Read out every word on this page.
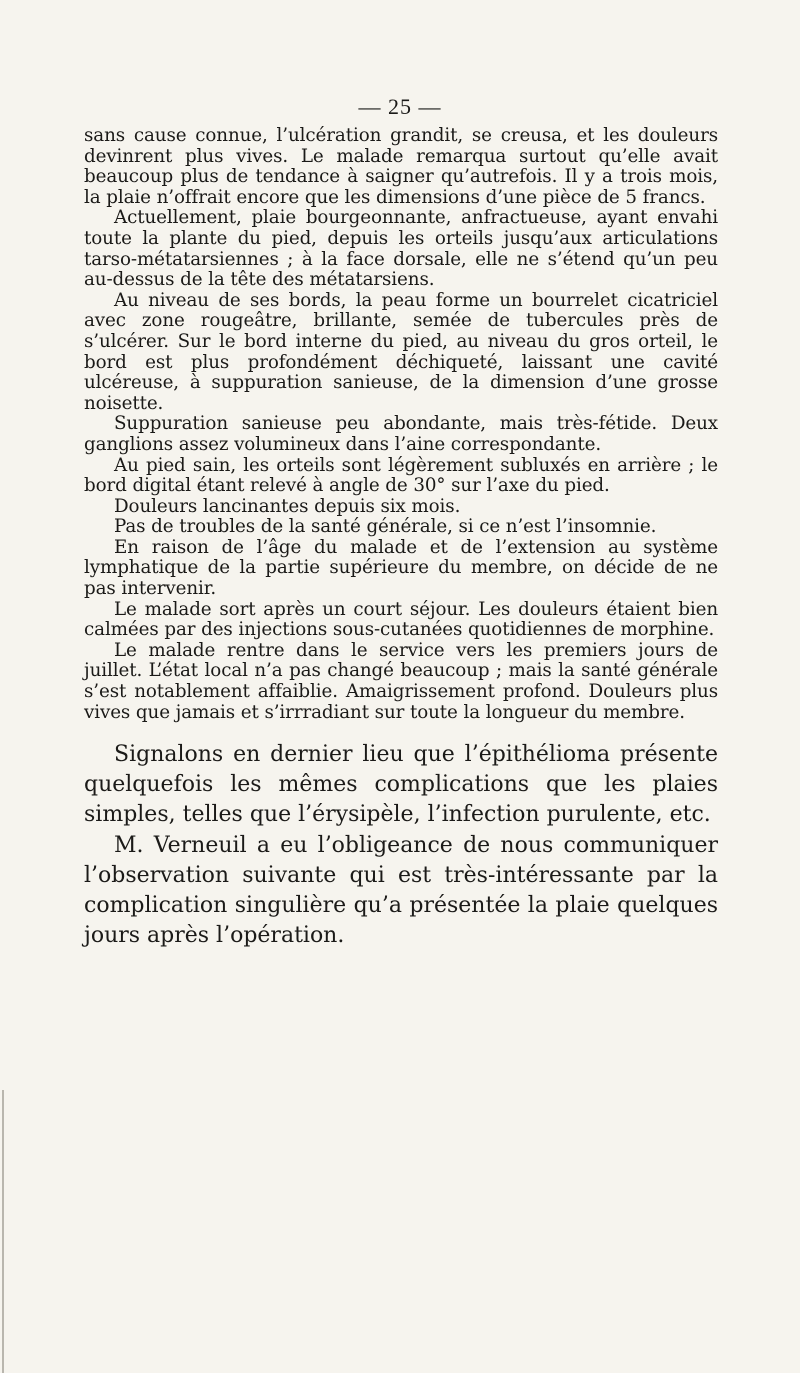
— 25 —

sans cause connue, l’ulcération grandit, se creusa, et les douleurs devinrent plus vives. Le malade remarqua surtout qu’elle avait beaucoup plus de tendance à saigner qu’autrefois. Il y a trois mois, la plaie n’offrait encore que les dimensions d’une pièce de 5 francs.

Actuellement, plaie bourgeonnante, anfractueuse, ayant envahi toute la plante du pied, depuis les orteils jusqu’aux articulations tarso-métatarsiennes ; à la face dorsale, elle ne s’étend qu’un peu au-dessus de la tête des métatarsiens.

Au niveau de ses bords, la peau forme un bourrelet cicatriciel avec zone rougeâtre, brillante, semée de tubercules près de s’ulcérer. Sur le bord interne du pied, au niveau du gros orteil, le bord est plus profondément déchiqueté, laissant une cavité ulcéreuse, à suppuration sanieuse, de la dimension d’une grosse noisette.

Suppuration sanieuse peu abondante, mais très-fétide. Deux ganglions assez volumineux dans l’aine correspondante.

Au pied sain, les orteils sont légèrement subluxés en arrière ; le bord digital étant relevé à angle de 30° sur l’axe du pied.

Douleurs lancinantes depuis six mois.

Pas de troubles de la santé générale, si ce n’est l’insomnie.

En raison de l’âge du malade et de l’extension au système lymphatique de la partie supérieure du membre, on décide de ne pas intervenir.

Le malade sort après un court séjour. Les douleurs étaient bien calmées par des injections sous-cutanées quotidiennes de morphine.

Le malade rentre dans le service vers les premiers jours de juillet. L’état local n’a pas changé beaucoup ; mais la santé générale s’est notablement affaiblie. Amaigrissement profond. Douleurs plus vives que jamais et s’irrradiant sur toute la longueur du membre.

Signalons en dernier lieu que l’épithélioma présente quelquefois les mêmes complications que les plaies simples, telles que l’érysipèle, l’infection purulente, etc.

M. Verneuil a eu l’obligeance de nous communiquer l’observation suivante qui est très-intéressante par la complication singulière qu’a présentée la plaie quelques jours après l’opération.
